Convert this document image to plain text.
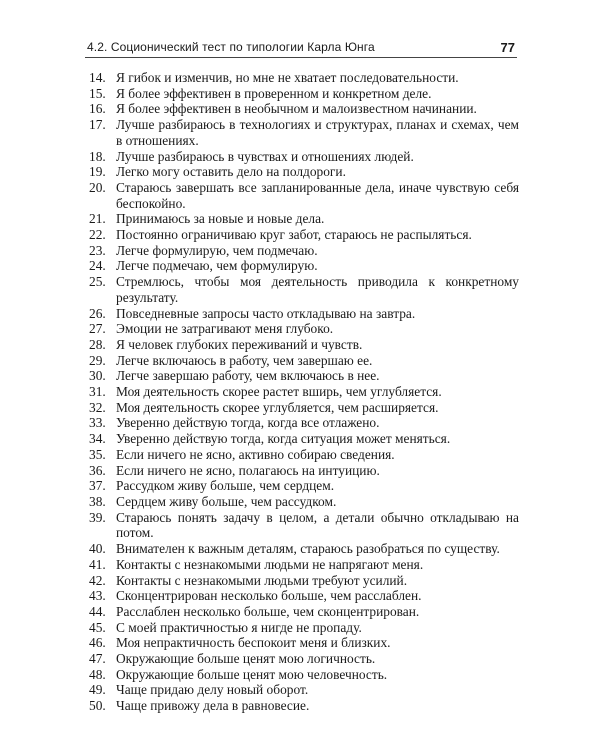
4.2. Соционический тест по типологии Карла Юнга	77
14. Я гибок и изменчив, но мне не хватает последовательности.
15. Я более эффективен в проверенном и конкретном деле.
16. Я более эффективен в необычном и малоизвестном начинании.
17. Лучше разбираюсь в технологиях и структурах, планах и схемах, чем в отношениях.
18. Лучше разбираюсь в чувствах и отношениях людей.
19. Легко могу оставить дело на полдороги.
20. Стараюсь завершать все запланированные дела, иначе чувствую себя беспокойно.
21. Принимаюсь за новые и новые дела.
22. Постоянно ограничиваю круг забот, стараюсь не распыляться.
23. Легче формулирую, чем подмечаю.
24. Легче подмечаю, чем формулирую.
25. Стремлюсь, чтобы моя деятельность приводила к конкретному результату.
26. Повседневные запросы часто откладываю на завтра.
27. Эмоции не затрагивают меня глубоко.
28. Я человек глубоких переживаний и чувств.
29. Легче включаюсь в работу, чем завершаю ее.
30. Легче завершаю работу, чем включаюсь в нее.
31. Моя деятельность скорее растет вширь, чем углубляется.
32. Моя деятельность скорее углубляется, чем расширяется.
33. Уверенно действую тогда, когда все отлажено.
34. Уверенно действую тогда, когда ситуация может меняться.
35. Если ничего не ясно, активно собираю сведения.
36. Если ничего не ясно, полагаюсь на интуицию.
37. Рассудком живу больше, чем сердцем.
38. Сердцем живу больше, чем рассудком.
39. Стараюсь понять задачу в целом, а детали обычно откладываю на потом.
40. Внимателен к важным деталям, стараюсь разобраться по существу.
41. Контакты с незнакомыми людьми не напрягают меня.
42. Контакты с незнакомыми людьми требуют усилий.
43. Сконцентрирован несколько больше, чем расслаблен.
44. Расслаблен несколько больше, чем сконцентрирован.
45. С моей практичностью я нигде не пропаду.
46. Моя непрактичность беспокоит меня и близких.
47. Окружающие больше ценят мою логичность.
48. Окружающие больше ценят мою человечность.
49. Чаще придаю делу новый оборот.
50. Чаще привожу дела в равновесие.
